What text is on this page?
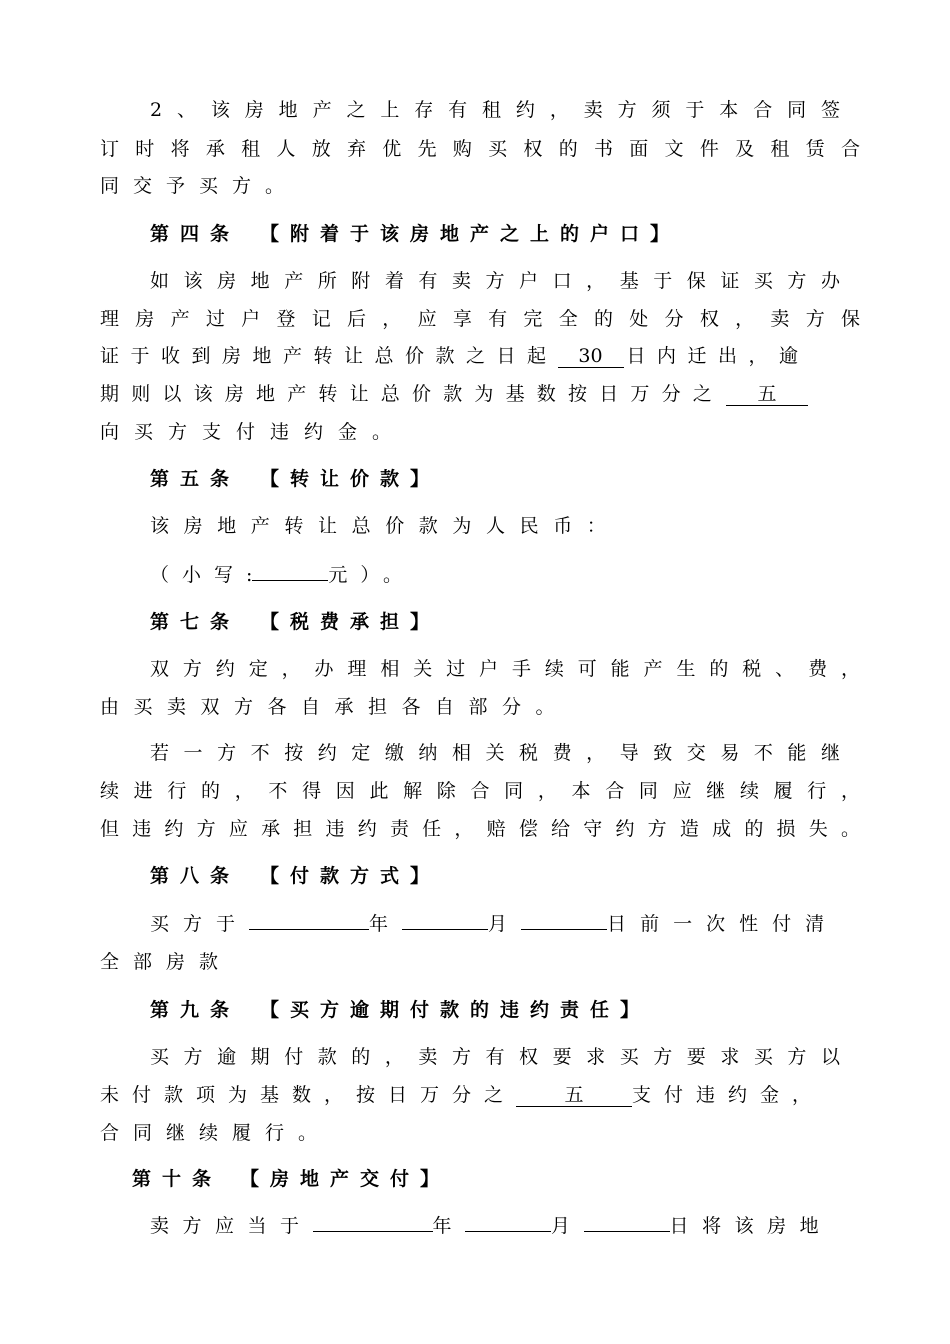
2、该房地产之上存有租约，卖方须于本合同签
订时将承租人放弃优先购买权的书面文件及租赁合
同交予买方。
第四条 【附着于该房地产之上的户口】
如该房地产所附着有卖方户口，基于保证买方办
理房产过户登记后，应享有完全的处分权，卖方保
证于收到房地产转让总价款之日起 30 日内迁出，逾
期则以该房地产转让总价款为基数按日万分之 五
向买方支付违约金。
第五条 【转让价款】
该房地产转让总价款为人民币：
（小写:	元）。
第七条 【税费承担】
双方约定，办理相关过户手续可能产生的税、费，
由买卖双方各自承担各自部分。
若一方不按约定缴纳相关税费，导致交易不能继
续进行的，不得因此解除合同，本合同应继续履行，
但违约方应承担违约责任，赔偿给守约方造成的损失。
第八条 【付款方式】
买方于	年	月	日前一次性付清
全部房款
第九条 【买方逾期付款的违约责任】
买方逾期付款的，卖方有权要求买方要求买方以
未付款项为基数，按日万分之	五	支付违约金，
合同继续履行。
第十条 【房地产交付】
卖方应当于	年	月	日将该房地
